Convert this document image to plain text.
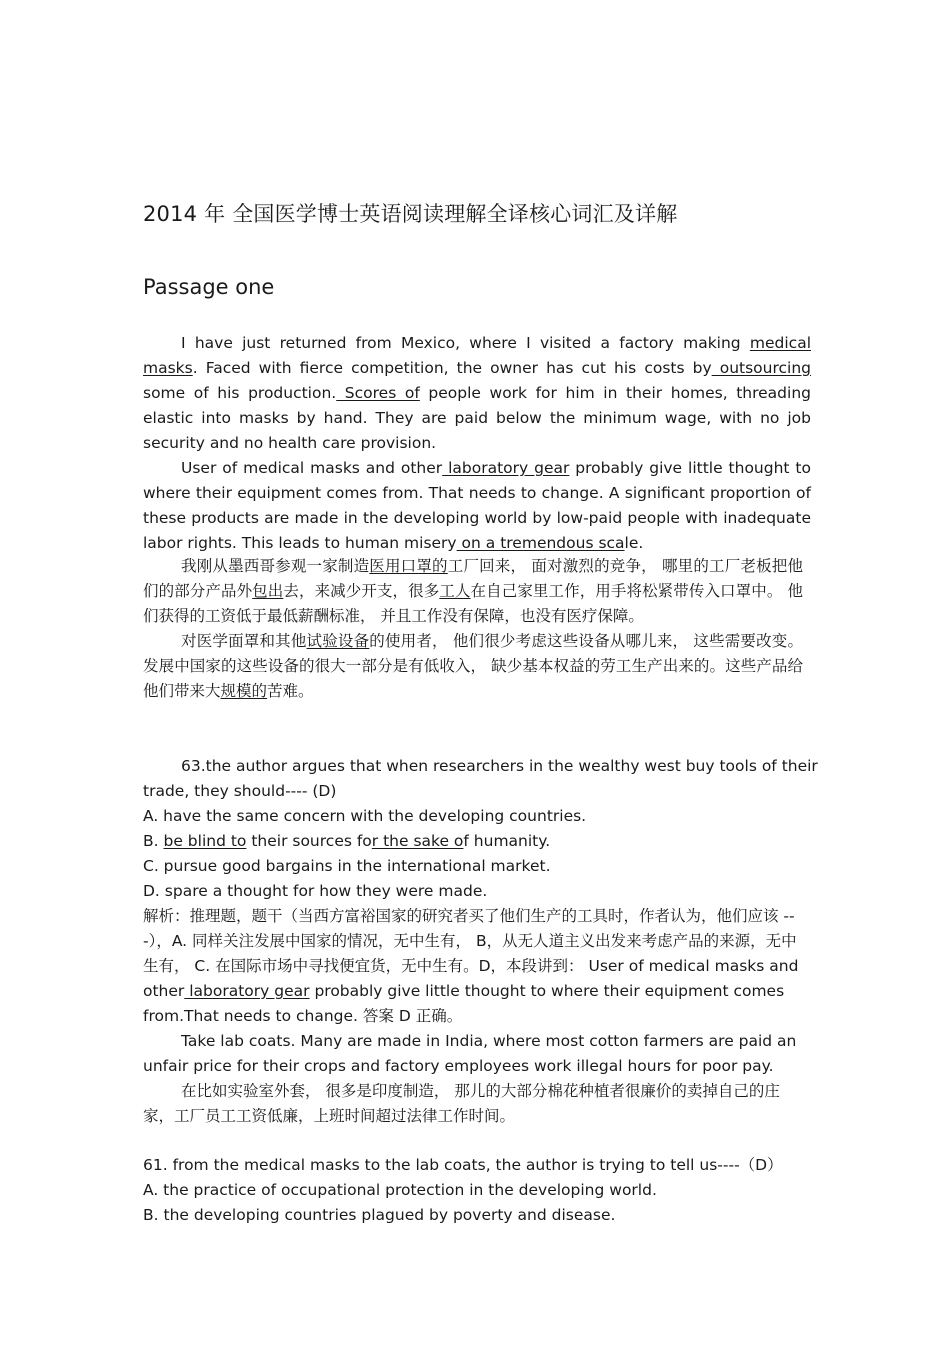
2014 年 全国医学博士英语阅读理解全译核心词汇及详解
Passage one

I have just returned from Mexico, where I visited a factory making medical masks. Faced with fierce competition, the owner has cut his costs by outsourcing some of his production. Scores of people work for him in their homes, threading elastic into masks by hand. They are paid below the minimum wage, with no job security and no health care provision.

User of medical masks and other laboratory gear probably give little thought to where their equipment comes from. That needs to change. A significant proportion of these products are made in the developing world by low-paid people with inadequate labor rights. This leads to human misery on a tremendous scale.

我刚从墨西哥参观一家制造医用口罩的工厂回来， 面对激烈的竞争， 哪里的工厂老板把他们的部分产品外包出去，来减少开支，很多工人在自己家里工作，用手将松紧带传入口罩中。 他们获得的工资低于最低薪酬标准， 并且工作没有保障，也没有医疗保障。

对医学面罩和其他试验设备的使用者， 他们很少考虑这些设备从哪儿来， 这些需要改变。发展中国家的这些设备的很大一部分是有低收入， 缺少基本权益的劳工生产出来的。这些产品给他们带来大规模的苦难。

63.the author argues that when researchers in the wealthy west buy tools of their trade, they should---- (D)

A. have the same concern with the developing countries.

B. be blind to their sources for the sake of humanity.

C. pursue good bargains in the international market.

D. spare a thought for how they were made.

解析：推理题，题干（当西方富裕国家的研究者买了他们生产的工具时，作者认为，他们应该 ---），A. 同样关注发展中国家的情况，无中生有， B，从无人道主义出发来考虑产品的来源，无中生有， C. 在国际市场中寻找便宜货，无中生有。D，本段讲到： User of medical masks and other laboratory gear probably give little thought to where their equipment comes from.That needs to change. 答案 D 正确。

Take lab coats. Many are made in India, where most cotton farmers are paid an unfair price for their crops and factory employees work illegal hours for poor pay.

在比如实验室外套， 很多是印度制造， 那儿的大部分棉花种植者很廉价的卖掉自己的庄家，工厂员工工资低廉，上班时间超过法律工作时间。

61. from the medical masks to the lab coats, the author is trying to tell us----（D）

A. the practice of occupational protection in the developing world.

B. the developing countries plagued by poverty and disease.
